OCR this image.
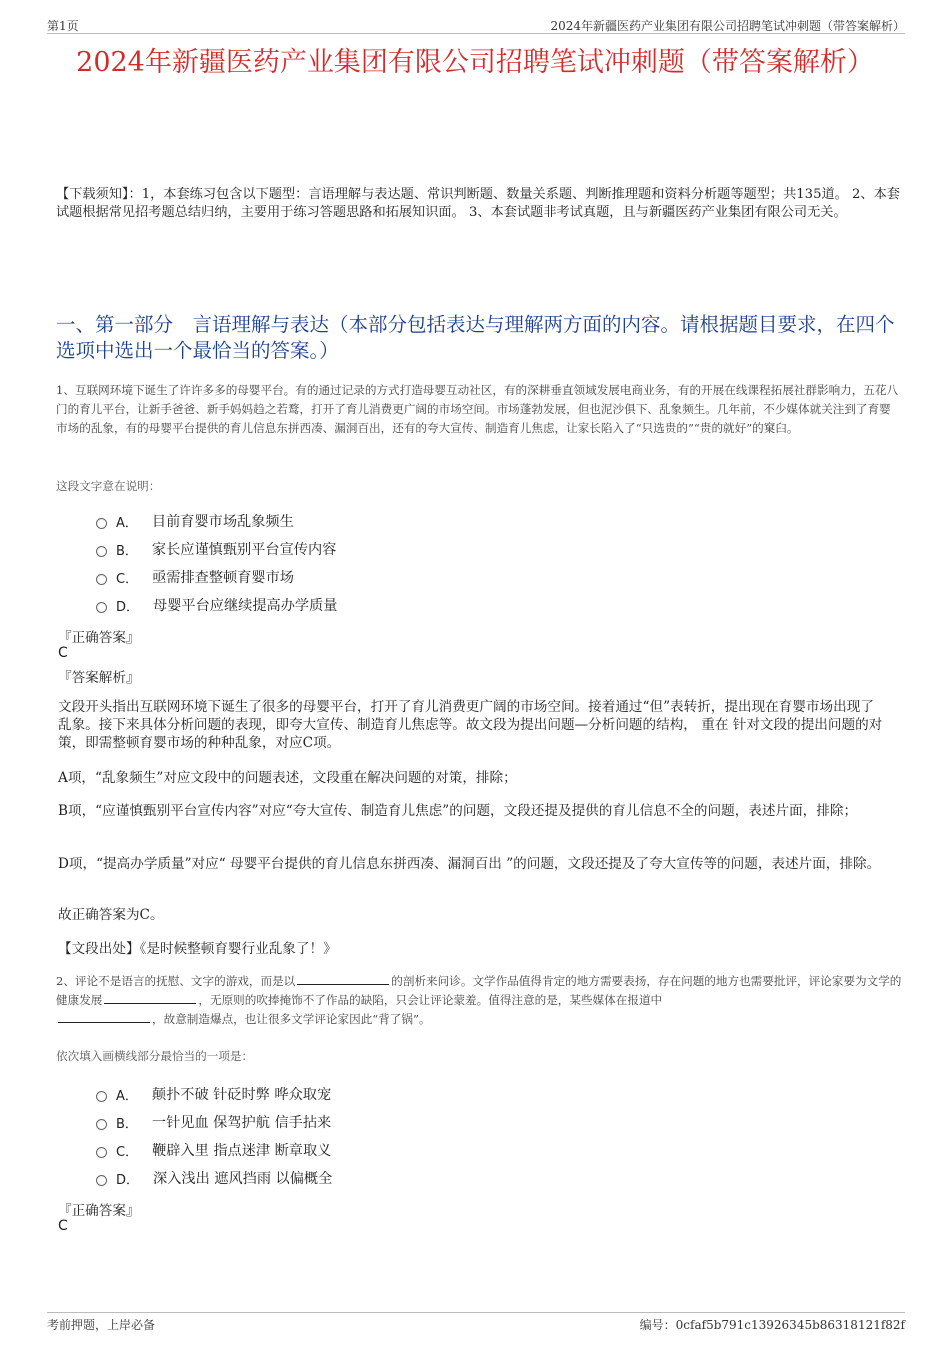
第1页	2024年新疆医药产业集团有限公司招聘笔试冲刺题（带答案解析）
2024年新疆医药产业集团有限公司招聘笔试冲刺题（带答案解析）
【下载须知】：1，本套练习包含以下题型：言语理解与表达题、常识判断题、数量关系题、判断推理题和资料分析题等题型；共135道。 2、本套试题根据常见招考题总结归纳，主要用于练习答题思路和拓展知识面。 3、本套试题非考试真题，且与新疆医药产业集团有限公司无关。
一、第一部分　言语理解与表达（本部分包括表达与理解两方面的内容。请根据题目要求，在四个选项中选出一个最恰当的答案。）
1、互联网环境下诞生了许许多多的母婴平台。有的通过记录的方式打造母婴互动社区，有的深耕垂直领域发展电商业务，有的开展在线课程拓展社群影响力，五花八门的育儿平台，让新手爸爸、新手妈妈趋之若鹜，打开了育儿消费更广阔的市场空间。市场蓬勃发展，但也泥沙俱下、乱象频生。几年前，不少媒体就关注到了育婴市场的乱象，有的母婴平台提供的育儿信息东拼西凑、漏洞百出，还有的夸大宣传、制造育儿焦虑，让家长陷入了“只选贵的”“贵的就好”的窠臼。
这段文字意在说明：
A． 目前育婴市场乱象频生
B． 家长应谨慎甄别平台宣传内容
C． 亟需排查整顿育婴市场
D． 母婴平台应继续提高办学质量
『正确答案』
C
『答案解析』
文段开头指出互联网环境下诞生了很多的母婴平台，打开了育儿消费更广阔的市场空间。接着通过“但”表转折，提出现在育婴市场出现了乱象。接下来具体分析问题的表现，即夸大宣传、制造育儿焦虑等。故文段为提出问题—分析问题的结构， 重在 针对文段的提出问题的对策，即需整顿育婴市场的种种乱象，对应C项。
A项，“乱象频生”对应文段中的问题表述，文段重在解决问题的对策，排除；
B项，“应谨慎甄别平台宣传内容”对应“夸大宣传、制造育儿焦虑”的问题，文段还提及提供的育儿信息不全的问题，表述片面，排除；
D项，“提高办学质量”对应“ 母婴平台提供的育儿信息东拼西凑、漏洞百出 ”的问题，文段还提及了夸大宣传等的问题，表述片面，排除。
故正确答案为C。
【文段出处】《是时候整顿育婴行业乱象了！》
2、评论不是语言的抚慰、文字的游戏，而是以	的剖析来问诊。文学作品值得肯定的地方需要表扬，存在问题的地方也需要批评，评论家要为文学的健康发展	，无原则的吹捧掩饰不了作品的缺陷，只会让评论蒙羞。值得注意的是，某些媒体在报道中
，故意制造爆点，也让很多文学评论家因此“背了锅”。
依次填入画横线部分最恰当的一项是：
A． 颠扑不破 针砭时弊 哗众取宠
B． 一针见血 保驾护航 信手拈来
C． 鞭辟入里 指点迷津 断章取义
D． 深入浅出 遮风挡雨 以偏概全
『正确答案』
C
考前押题，上岸必备	编号：0cfaf5b791c13926345b86318121f82f
